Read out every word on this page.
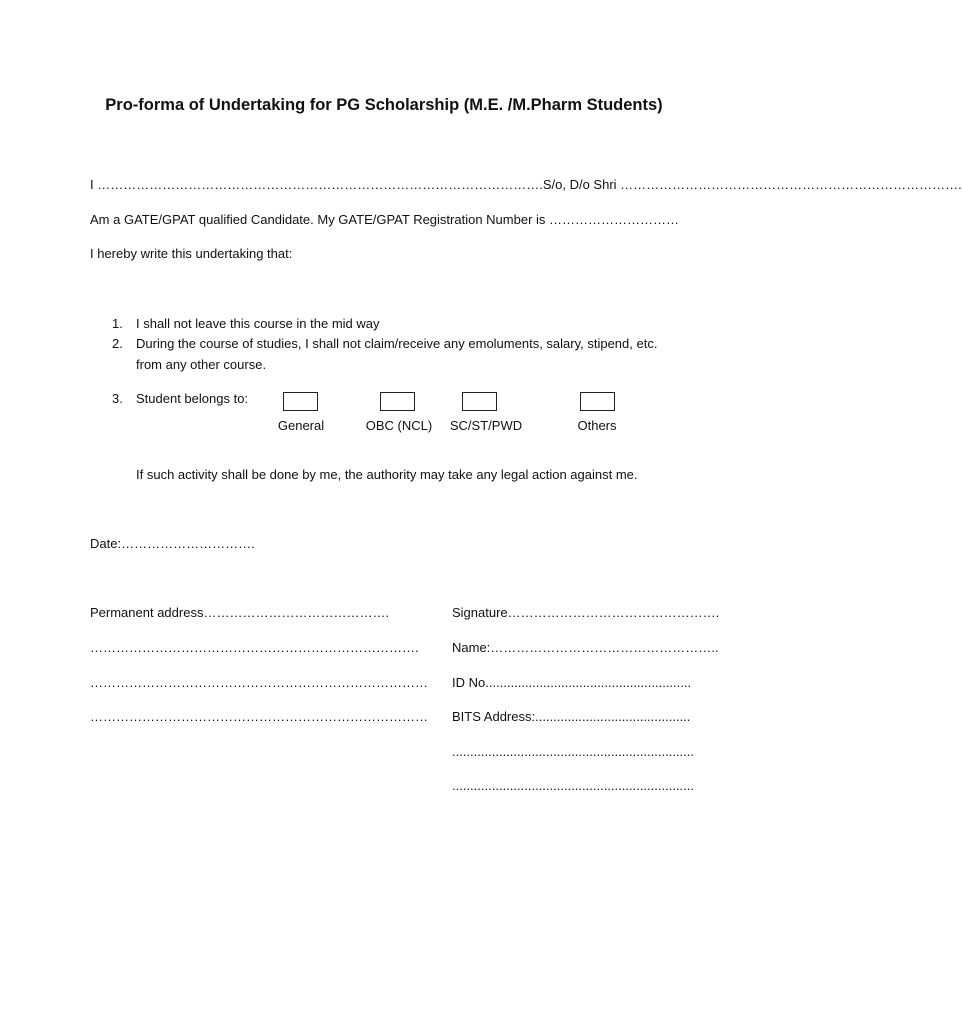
Pro-forma of Undertaking for PG Scholarship (M.E. /M.Pharm Students)
I ………………………………………………………………………………………….S/o, D/o Shri …………………………………………………………………….
Am a GATE/GPAT qualified Candidate. My GATE/GPAT Registration Number is …………………………
I hereby write this undertaking that:
1. I shall not leave this course in the mid way
2. During the course of studies, I shall not claim/receive any emoluments, salary, stipend, etc.
from any other course.
3. Student belongs to:
General	OBC (NCL)	SC/ST/PWD	Others
If such activity shall be done by me, the authority may take any legal action against me.
Date:………………………….
Permanent address…………………………………….
………………………………………………………………….
……………………………………………………………………
……………………………………………………………………
Signature………………………………………….
Name:……………………………………………..
ID No.........................................................
BITS Address:...........................................
...................................................................
...................................................................
